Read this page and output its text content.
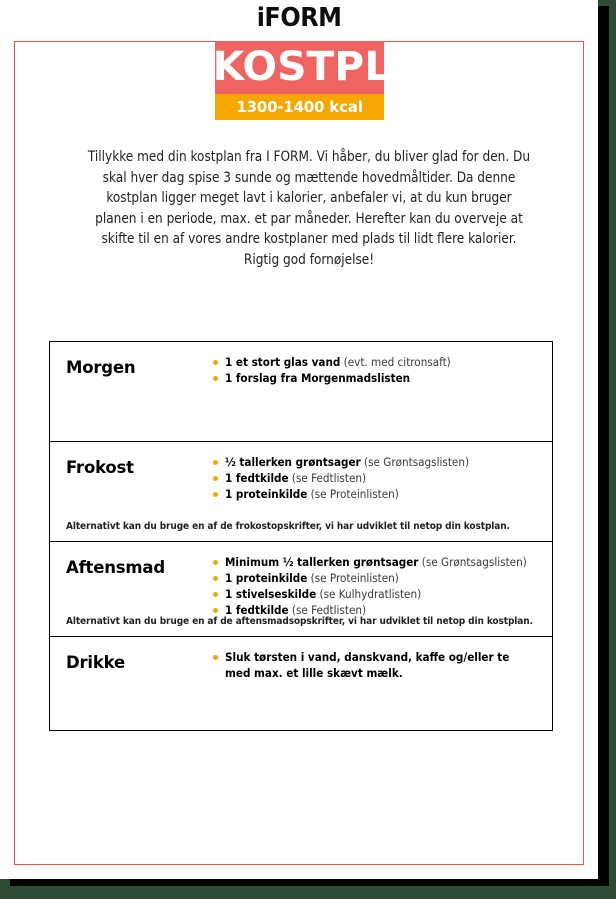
iFORM
KOSTPLAN
1300-1400 kcal
Tillykke med din kostplan fra I FORM. Vi håber, du bliver glad for den. Du skal hver dag spise 3 sunde og mættende hovedmåltider. Da denne kostplan ligger meget lavt i kalorier, anbefaler vi, at du kun bruger planen i en periode, max. et par måneder. Herefter kan du overveje at skifte til en af vores andre kostplaner med plads til lidt flere kalorier. Rigtig god fornøjelse!
Morgen	1 et stort glas vand (evt. med citronsaft)
1 forslag fra Morgenmadslisten
Frokost	½ tallerken grøntsager (se Grøntsagslisten)
1 fedtkilde (se Fedtlisten)
1 proteinkilde (se Proteinlisten)
Alternativt kan du bruge en af de frokostopskrifter, vi har udviklet til netop din kostplan.
Aftensmad	Minimum ½ tallerken grøntsager (se Grøntsagslisten)
1 proteinkilde (se Proteinlisten)
1 stivelseskilde (se Kulhydratlisten)
1 fedtkilde (se Fedtlisten)
Alternativt kan du bruge en af de aftensmadsopskrifter, vi har udviklet til netop din kostplan.
Drikke	Sluk tørsten i vand, danskvand, kaffe og/eller te med max. et lille skævt mælk.
